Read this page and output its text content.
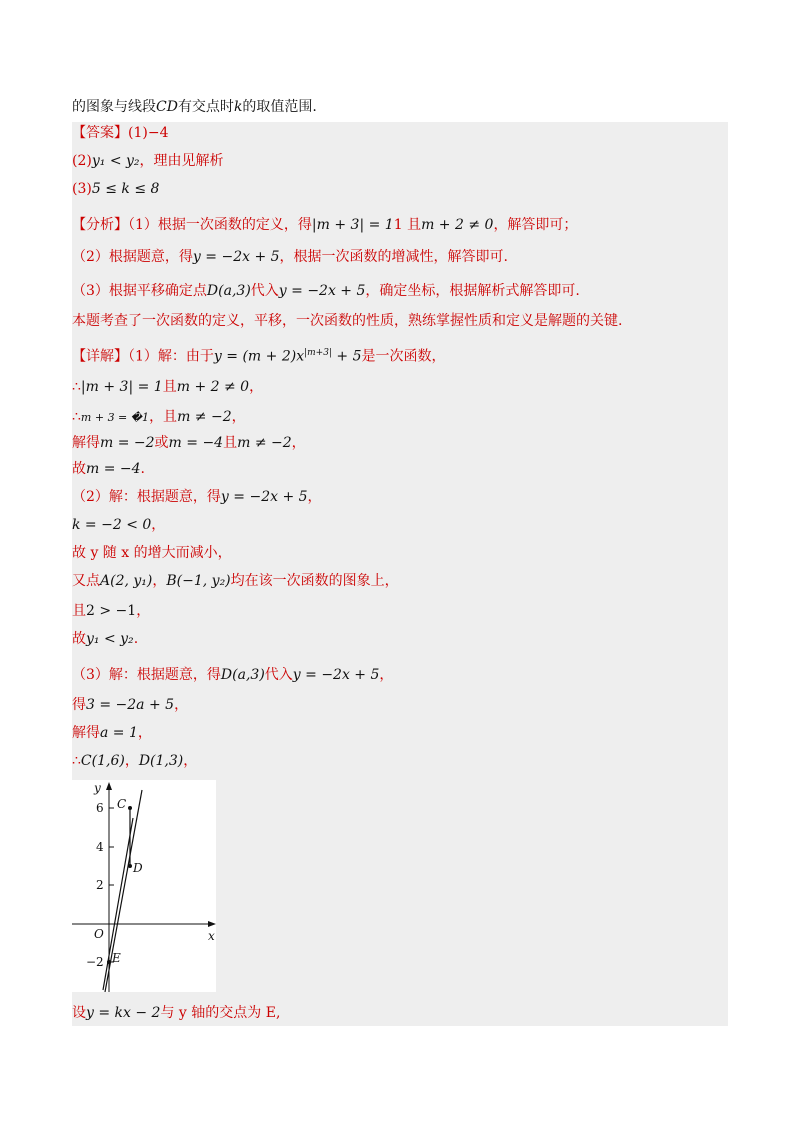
的图象与线段CD有交点时k的取值范围.
【答案】(1)−4
(2)y₁ < y₂，理由见解析
(3)5 ≤ k ≤ 8
【分析】（1）根据一次函数的定义，得|m + 3| = 11 且m + 2 ≠ 0，解答即可；
（2）根据题意，得y = −2x + 5，根据一次函数的增减性，解答即可.
（3）根据平移确定点D(a,3)代入y = −2x + 5，确定坐标，根据解析式解答即可.
本题考查了一次函数的定义，平移，一次函数的性质，熟练掌握性质和定义是解题的关键.
【详解】（1）解：由于$y = (m + 2)x^{|m+3|} + 5$是一次函数，
∴|m + 3| = 1且m + 2 ≠ 0，
∴m + 3 = �1，且m ≠ −2，
解得m = −2或m = −4且m ≠ −2，
故m = −4.
（2）解：根据题意，得y = −2x + 5，
k = −2 < 0，
故 y 随 x 的增大而减小，
又点A(2, y₁)，B(−1, y₂)均在该一次函数的图象上，
且2 > −1，
故y₁ < y₂.
（3）解：根据题意，得D(a,3)代入y = −2x + 5，
得3 = −2a + 5，
解得a = 1，
∴C(1,6)，D(1,3)，
y
x
O
6
4
2
−2
C
D
E
设y = kx − 2与 y 轴的交点为 E,
